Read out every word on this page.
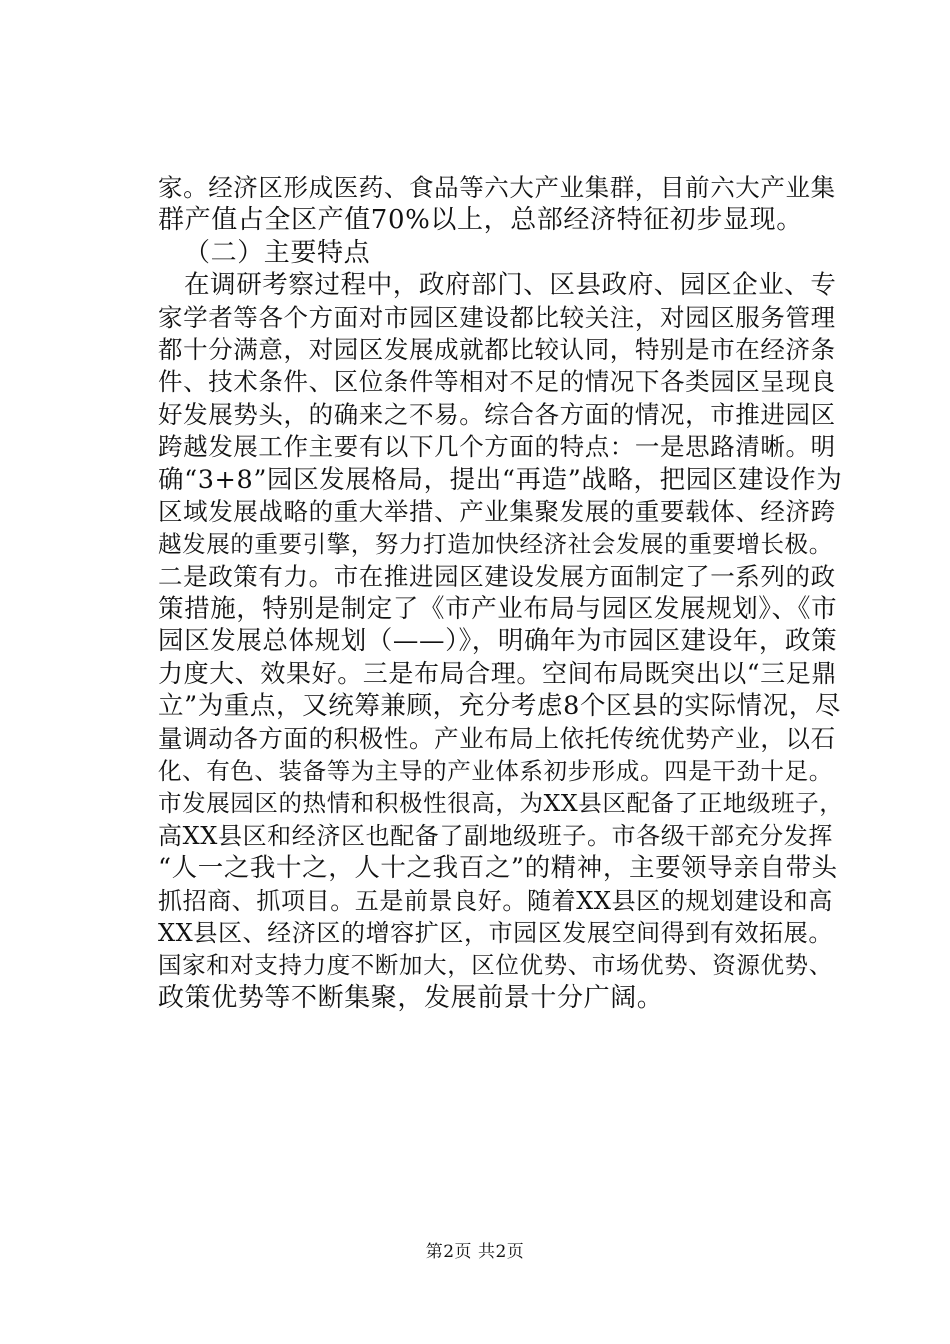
家。经济区形成医药、食品等六大产业集群，目前六大产业集
群产值占全区产值70%以上，总部经济特征初步显现。
（二）主要特点
在调研考察过程中，政府部门、区县政府、园区企业、专
家学者等各个方面对市园区建设都比较关注，对园区服务管理
都十分满意，对园区发展成就都比较认同，特别是市在经济条
件、技术条件、区位条件等相对不足的情况下各类园区呈现良
好发展势头，的确来之不易。综合各方面的情况，市推进园区
跨越发展工作主要有以下几个方面的特点：一是思路清晰。明
确“3+8”园区发展格局，提出“再造”战略，把园区建设作为
区域发展战略的重大举措、产业集聚发展的重要载体、经济跨
越发展的重要引擎，努力打造加快经济社会发展的重要增长极。
二是政策有力。市在推进园区建设发展方面制定了一系列的政
策措施，特别是制定了《市产业布局与园区发展规划》、《市
园区发展总体规划（——）》，明确年为市园区建设年，政策
力度大、效果好。三是布局合理。空间布局既突出以“三足鼎
立”为重点，又统筹兼顾，充分考虑8个区县的实际情况，尽
量调动各方面的积极性。产业布局上依托传统优势产业，以石
化、有色、装备等为主导的产业体系初步形成。四是干劲十足。
市发展园区的热情和积极性很高，为XX县区配备了正地级班子，
高XX县区和经济区也配备了副地级班子。市各级干部充分发挥
“人一之我十之，人十之我百之”的精神，主要领导亲自带头
抓招商、抓项目。五是前景良好。随着XX县区的规划建设和高
XX县区、经济区的增容扩区，市园区发展空间得到有效拓展。
国家和对支持力度不断加大，区位优势、市场优势、资源优势、
政策优势等不断集聚，发展前景十分广阔。
第2页 共2页
